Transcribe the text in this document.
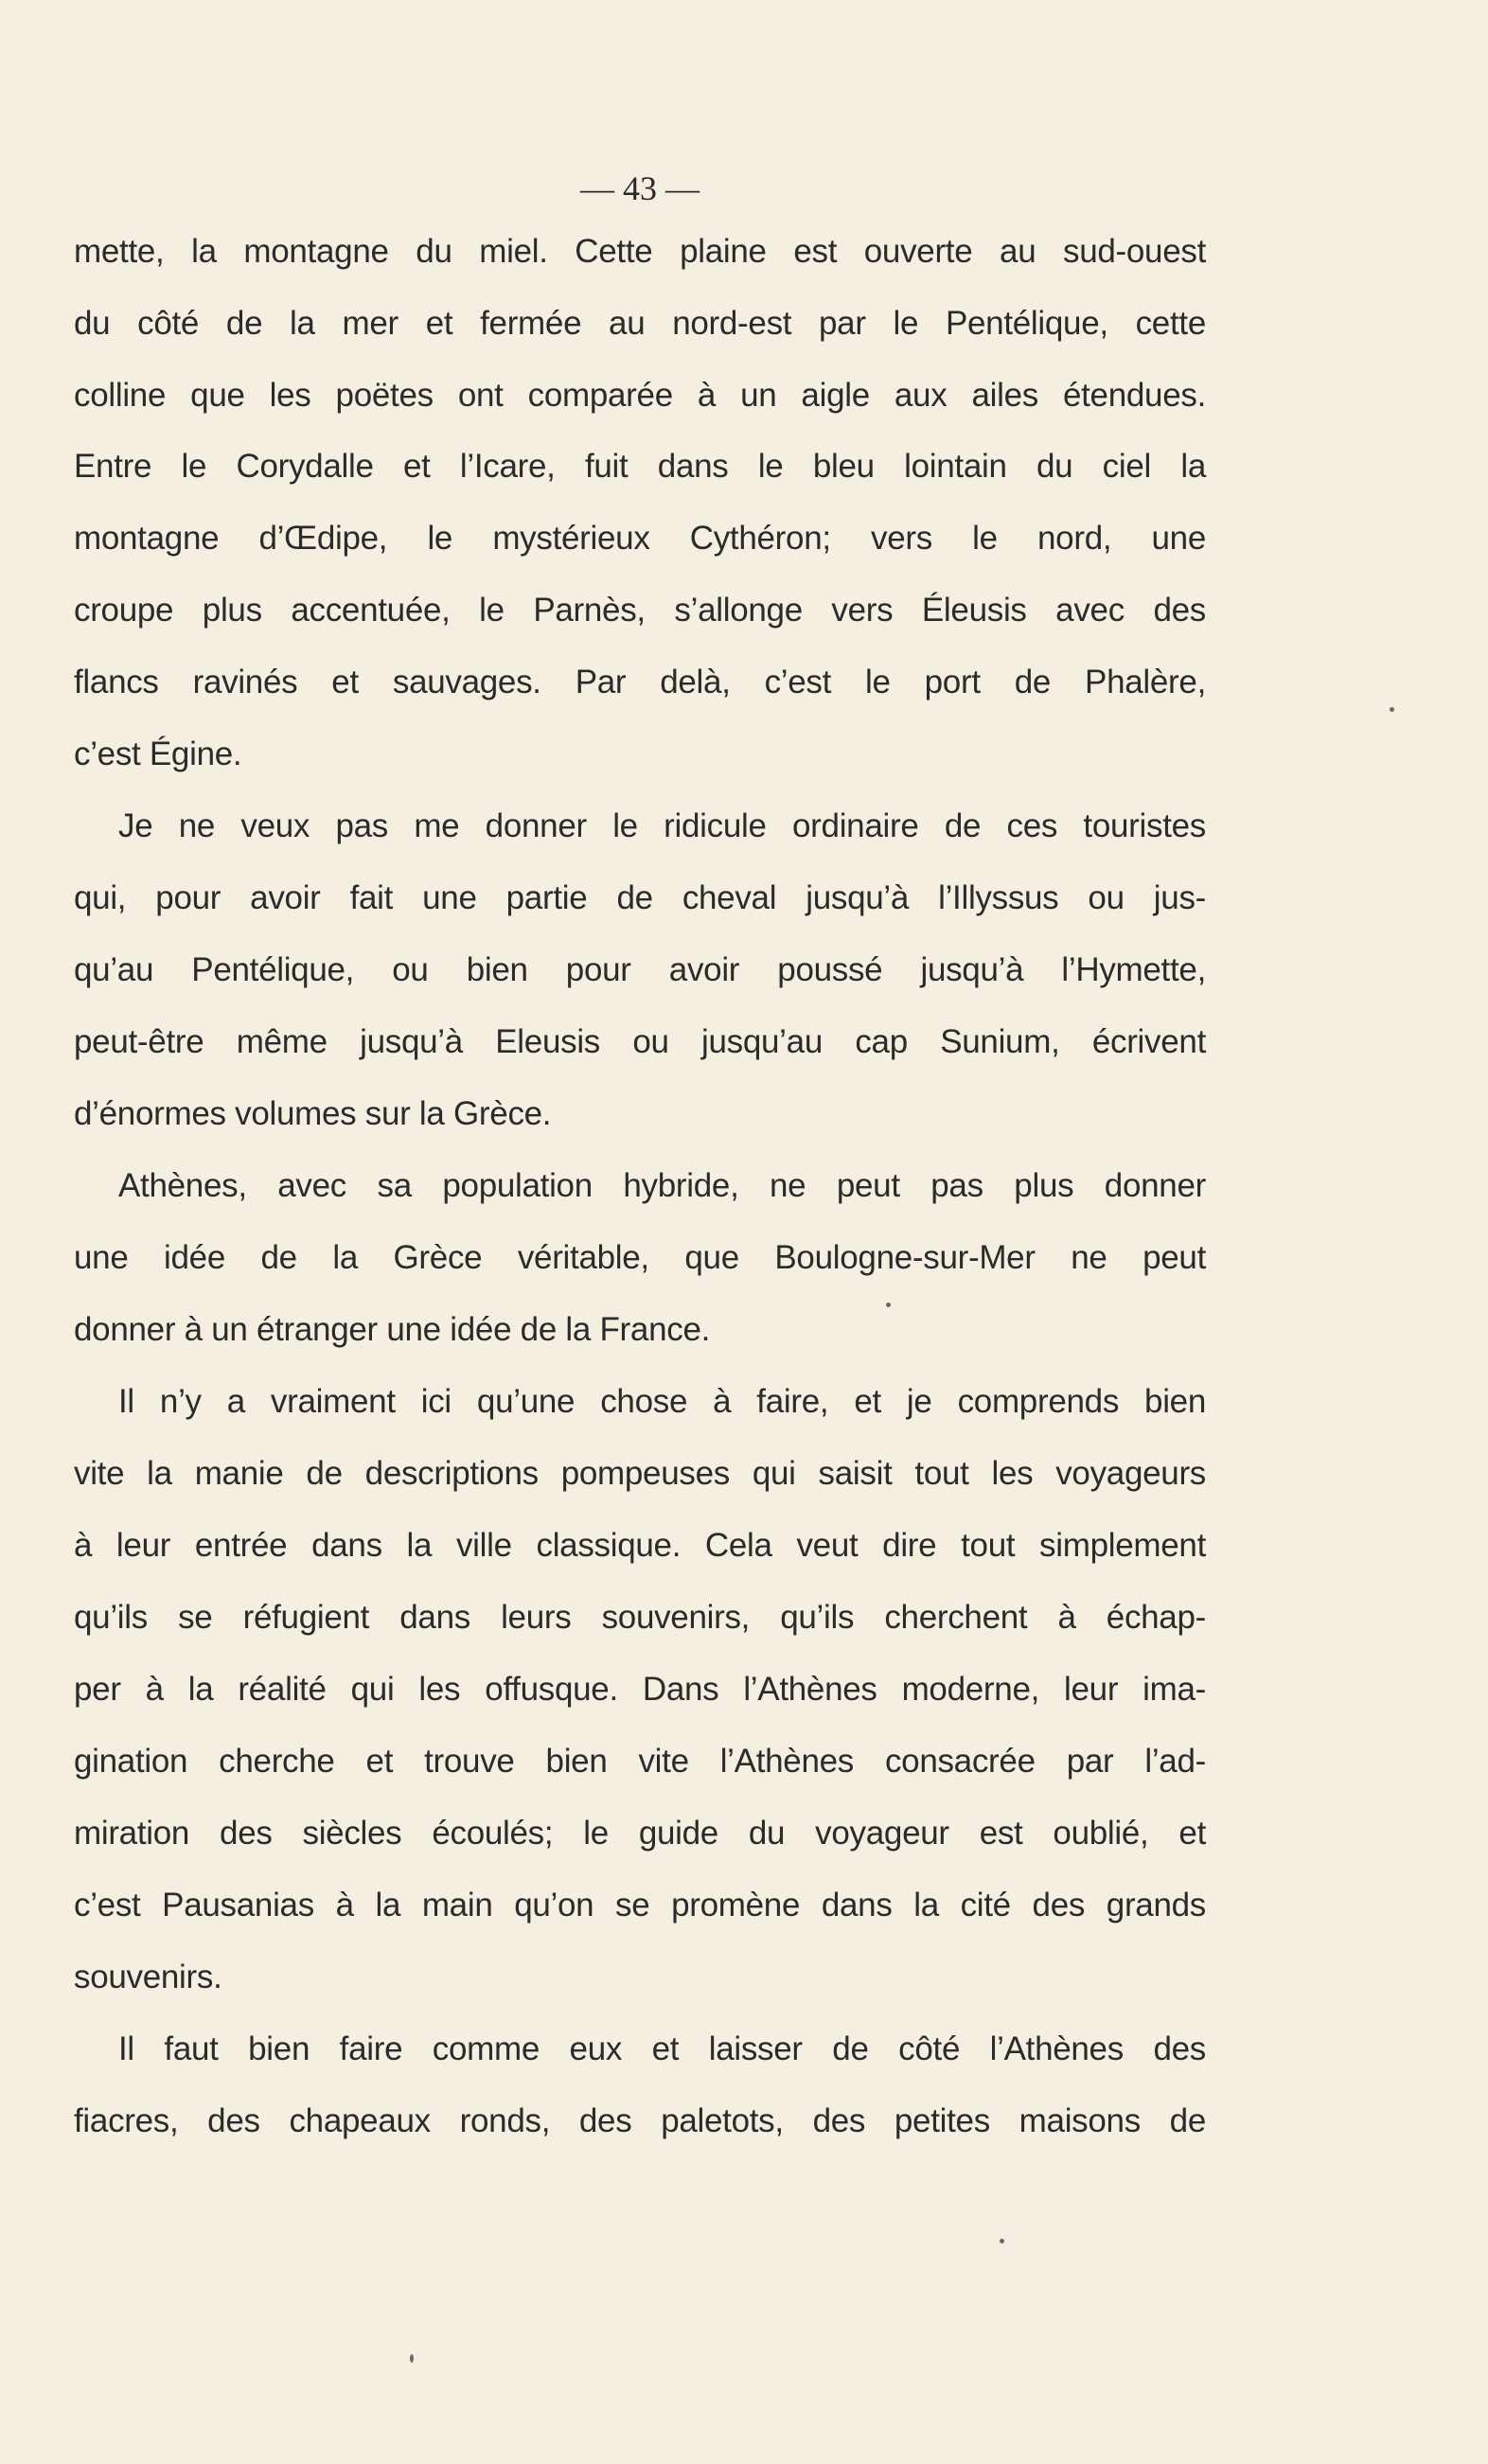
— 43 —
mette, la montagne du miel. Cette plaine est ouverte au sud-ouest
du côté de la mer et fermée au nord-est par le Pentélique, cette
colline que les poëtes ont comparée à un aigle aux ailes étendues.
Entre le Corydalle et l’Icare, fuit dans le bleu lointain du ciel la
montagne d’Œdipe, le mystérieux Cythéron; vers le nord, une
croupe plus accentuée, le Parnès, s’allonge vers Éleusis avec des
flancs ravinés et sauvages. Par delà, c’est le port de Phalère,
c’est Égine.
Je ne veux pas me donner le ridicule ordinaire de ces touristes
qui, pour avoir fait une partie de cheval jusqu’à l’Illyssus ou jus-
qu’au Pentélique, ou bien pour avoir poussé jusqu’à l’Hymette,
peut-être même jusqu’à Eleusis ou jusqu’au cap Sunium, écrivent
d’énormes volumes sur la Grèce.
Athènes, avec sa population hybride, ne peut pas plus donner
une idée de la Grèce véritable, que Boulogne-sur-Mer ne peut
donner à un étranger une idée de la France.
Il n’y a vraiment ici qu’une chose à faire, et je comprends bien
vite la manie de descriptions pompeuses qui saisit tout les voyageurs
à leur entrée dans la ville classique. Cela veut dire tout simplement
qu’ils se réfugient dans leurs souvenirs, qu’ils cherchent à échap-
per à la réalité qui les offusque. Dans l’Athènes moderne, leur ima-
gination cherche et trouve bien vite l’Athènes consacrée par l’ad-
miration des siècles écoulés; le guide du voyageur est oublié, et
c’est Pausanias à la main qu’on se promène dans la cité des grands
souvenirs.
Il faut bien faire comme eux et laisser de côté l’Athènes des
fiacres, des chapeaux ronds, des paletots, des petites maisons de
